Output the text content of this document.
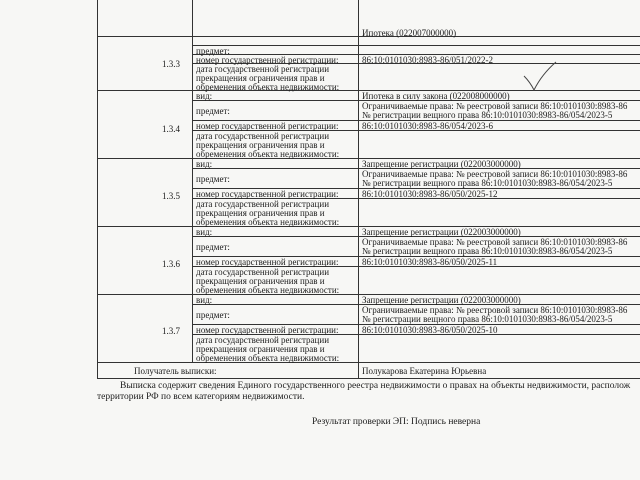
Ипотека (022007000000)
предмет:
1.3.3 номер государственной регистрации:	86:10:0101030:8983-86/051/2022-2
дата государственной регистрации
прекращения ограничения прав и
обременения объекта недвижимости:
вид:	Ипотека в силу закона (022008000000)
предмет:	Ограничиваемые права: № реестровой записи 86:10:0101030:8983-86
№ регистрации вещного права 86:10:0101030:8983-86/054/2023-5
1.3.4 номер государственной регистрации:	86:10:0101030:8983-86/054/2023-6
дата государственной регистрации
прекращения ограничения прав и
обременения объекта недвижимости:
вид:	Запрещение регистрации (022003000000)
предмет:	Ограничиваемые права: № реестровой записи 86:10:0101030:8983-86
№ регистрации вещного права 86:10:0101030:8983-86/054/2023-5
1.3.5 номер государственной регистрации:	86:10:0101030:8983-86/050/2025-12
дата государственной регистрации
прекращения ограничения прав и
обременения объекта недвижимости:
вид:	Запрещение регистрации (022003000000)
предмет:	Ограничиваемые права: № реестровой записи 86:10:0101030:8983-86
№ регистрации вещного права 86:10:0101030:8983-86/054/2023-5
1.3.6 номер государственной регистрации:	86:10:0101030:8983-86/050/2025-11
дата государственной регистрации
прекращения ограничения прав и
обременения объекта недвижимости:
вид:	Запрещение регистрации (022003000000)
предмет:	Ограничиваемые права: № реестровой записи 86:10:0101030:8983-86
№ регистрации вещного права 86:10:0101030:8983-86/054/2023-5
1.3.7 номер государственной регистрации:	86:10:0101030:8983-86/050/2025-10
дата государственной регистрации
прекращения ограничения прав и
обременения объекта недвижимости:
Получатель выписки:	Полукарова Екатерина Юрьевна
Выписка содержит сведения Единого государственного реестра недвижимости о правах на объекты недвижимости, располож
территории РФ по всем категориям недвижимости.
Результат проверки ЭП: Подпись неверна
